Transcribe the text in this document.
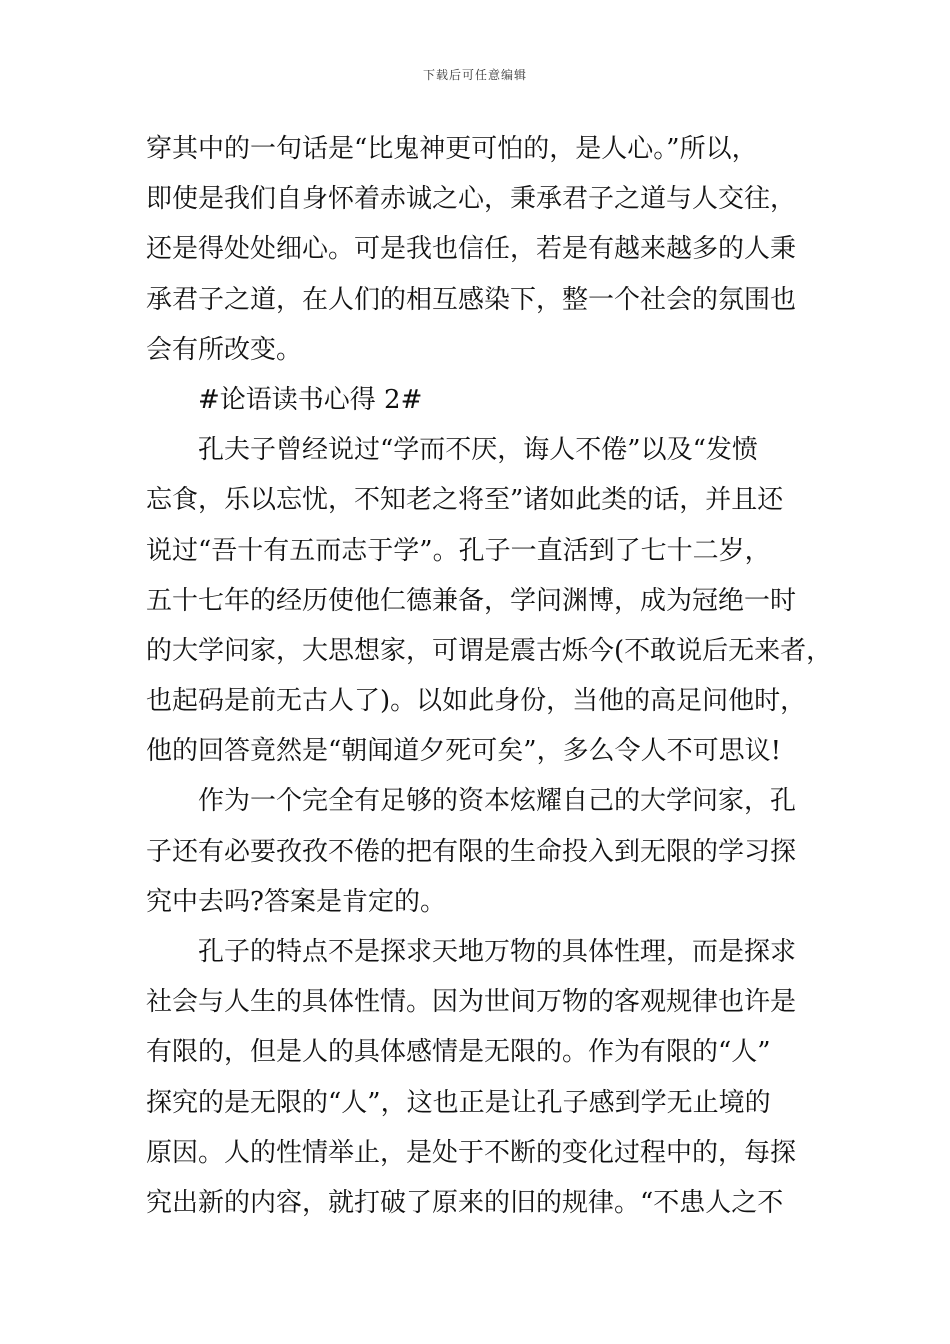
下载后可任意编辑
穿其中的一句话是“比鬼神更可怕的，是人心。”所以，
即使是我们自身怀着赤诚之心，秉承君子之道与人交往，
还是得处处细心。可是我也信任，若是有越来越多的人秉
承君子之道，在人们的相互感染下，整一个社会的氛围也
会有所改变。
#论语读书心得 2#
孔夫子曾经说过“学而不厌，诲人不倦”以及“发愤
忘食，乐以忘忧，不知老之将至”诸如此类的话，并且还
说过“吾十有五而志于学”。孔子一直活到了七十二岁，
五十七年的经历使他仁德兼备，学问渊博，成为冠绝一时
的大学问家，大思想家，可谓是震古烁今(不敢说后无来者，
也起码是前无古人了)。以如此身份，当他的高足问他时，
他的回答竟然是“朝闻道夕死可矣”，多么令人不可思议!
作为一个完全有足够的资本炫耀自己的大学问家，孔
子还有必要孜孜不倦的把有限的生命投入到无限的学习探
究中去吗?答案是肯定的。
孔子的特点不是探求天地万物的具体性理，而是探求
社会与人生的具体性情。因为世间万物的客观规律也许是
有限的，但是人的具体感情是无限的。作为有限的“人”
探究的是无限的“人”，这也正是让孔子感到学无止境的
原因。人的性情举止，是处于不断的变化过程中的，每探
究出新的内容，就打破了原来的旧的规律。“不患人之不
